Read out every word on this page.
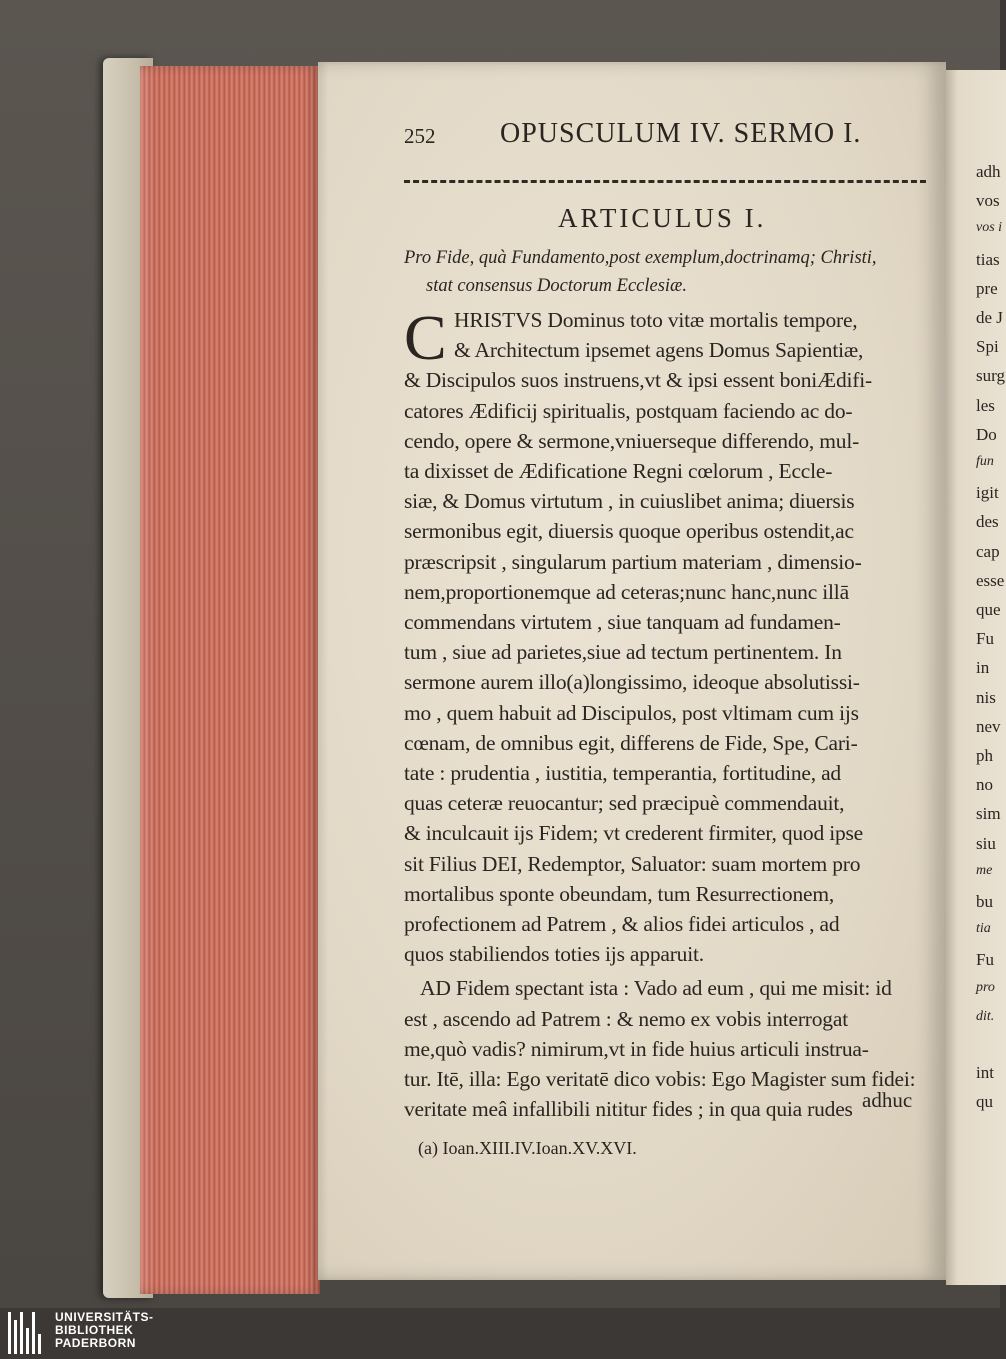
adh
vos
vos i
tias
pre
de J
Spi
surg
les
Do
fun
igit
des
cap
esse
que
Fu
in
nis
nev
ph
no
sim
siu
me
bu
tia
Fu
pro
dit.
int
qu
252 OPUSCULUM IV. SERMO I.
ARTICULUS I.
Pro Fide, quà Fundamento,post exemplum,doctrinamq; Christi,
stat consensus Doctorum Ecclesiæ.
C HRISTVS Dominus toto vitæ mortalis tempore,
& Architectum ipsemet agens Domus Sapientiæ,
& Discipulos suos instruens,vt & ipsi essent boniÆdifi-
catores Ædificij spiritualis, postquam faciendo ac do-
cendo, opere & sermone,vniuerseque differendo, mul-
ta dixisset de Ædificatione Regni cœlorum , Eccle-
siæ, & Domus virtutum , in cuiuslibet anima; diuersis
sermonibus egit, diuersis quoque operibus ostendit,ac
præscripsit , singularum partium materiam , dimensio-
nem,proportionemque ad ceteras;nunc hanc,nunc illā
commendans virtutem , siue tanquam ad fundamen-
tum , siue ad parietes,siue ad tectum pertinentem. In
sermone aurem illo(a)longissimo, ideoque absolutissi-
mo , quem habuit ad Discipulos, post vltimam cum ijs
cœnam, de omnibus egit, differens de Fide, Spe, Cari-
tate : prudentia , iustitia, temperantia, fortitudine, ad
quas ceteræ reuocantur; sed præcipuè commendauit,
& inculcauit ijs Fidem; vt crederent firmiter, quod ipse
sit Filius DEI, Redemptor, Saluator: suam mortem pro
mortalibus sponte obeundam, tum Resurrectionem,
profectionem ad Patrem , & alios fidei articulos , ad
quos stabiliendos toties ijs apparuit.
AD Fidem spectant ista : Vado ad eum , qui me misit: id
est , ascendo ad Patrem : & nemo ex vobis interrogat
me,quò vadis? nimirum,vt in fide huius articuli instrua-
tur. Itē, illa: Ego veritatē dico vobis: Ego Magister sum fidei:
veritate meâ infallibili nititur fides ; in qua quia rudes adhuc
(a) Ioan.XIII.IV.Ioan.XV.XVI.
UNIVERSITÄTS-
BIBLIOTHEK
PADERBORN
